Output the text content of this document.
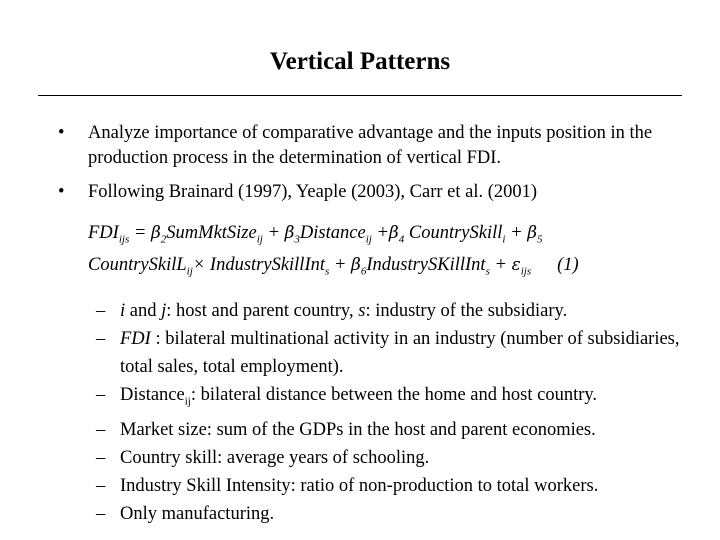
Vertical Patterns
• Analyze importance of comparative advantage and the inputs position in the production process in the determination of vertical FDI.
• Following Brainard (1997), Yeaple (2003), Carr et al. (2001)
$FDI_{ijs}$ = $\beta_2SumMktSize_{ij}$ + $\beta_3Distance_{ij} +\beta_4$ CountrySkill$_i$ + $\beta_5$
CountrySkilL$_{ij}$× IndustrySkillInt$_s$ + $\beta_6IndustrySKillInt_s + \varepsilon_{ijs}$ (1)
– i and j: host and parent country, s: industry of the subsidiary.
– FDI : bilateral multinational activity in an industry (number of subsidiaries, total sales, total employment).
– Distance$_{ij}$: bilateral distance between the home and host country.
– Market size: sum of the GDPs in the host and parent economies.
– Country skill: average years of schooling.
– Industry Skill Intensity: ratio of non-production to total workers.
– Only manufacturing.
